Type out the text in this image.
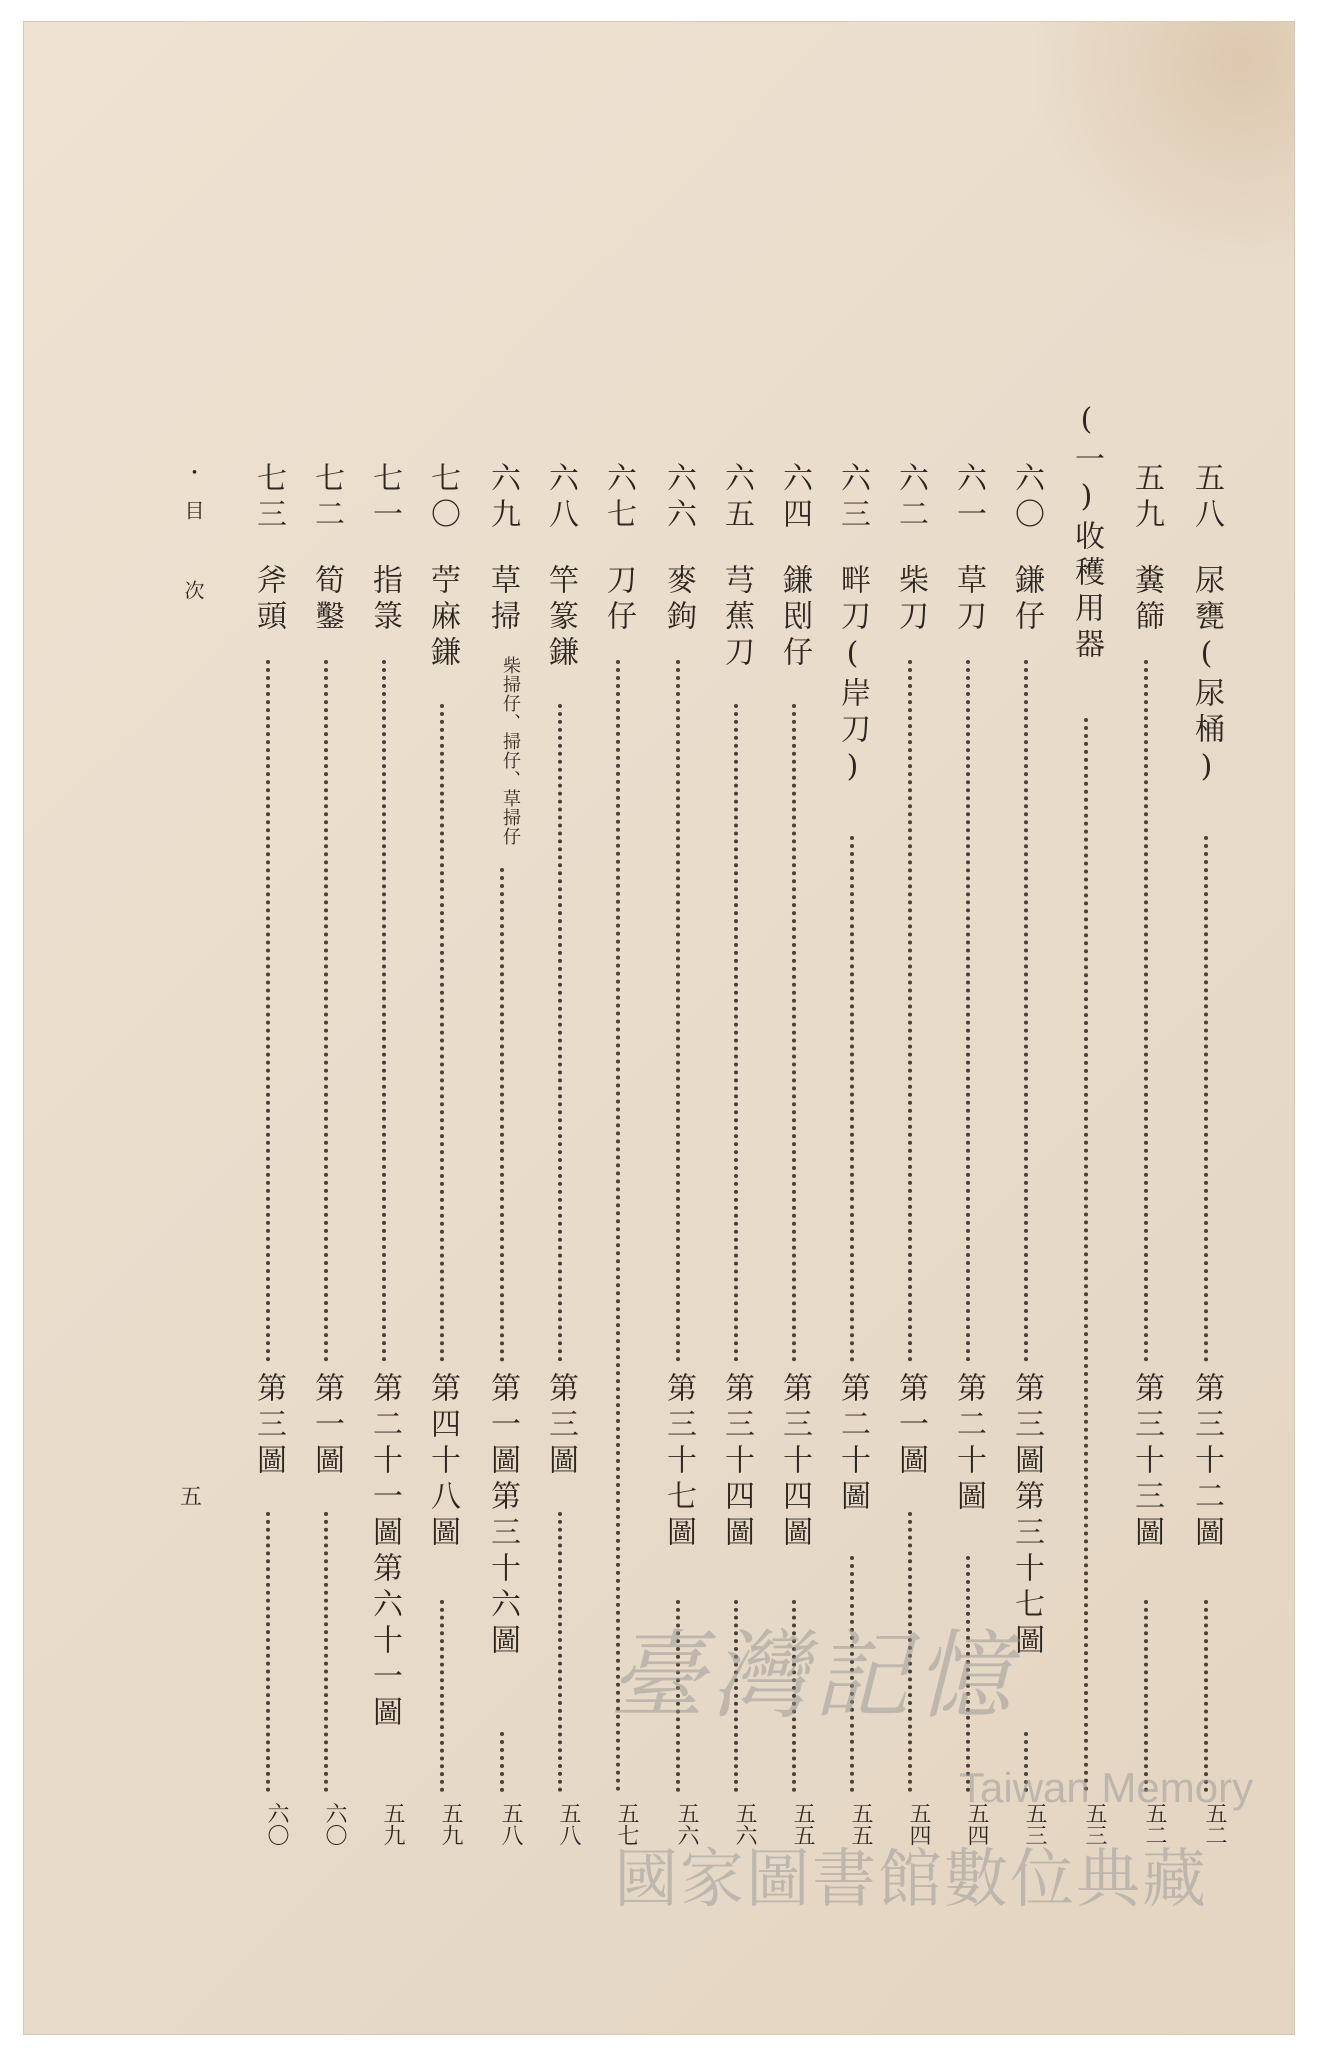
五八
尿甕(尿桶)
第三十二圖
五二
五九
糞篩
第三十三圖
五二
(一)收穫用器
五三
六〇
鎌仔
第三圖第三十七圖
五三
六一
草刀
第二十圖
五四
六二
柴刀
第一圖
五四
六三
畔刀(岸刀)
第二十圖
五五
六四
鎌刡仔
第三十四圖
五五
六五
芎蕉刀
第三十四圖
五六
六六
麥鉤
第三十七圖
五六
六七
刀仔
五七
六八
竿篆鎌
第三圖
五八
六九
草掃
柴掃仔、掃仔、草掃仔
第一圖第三十六圖
五八
七〇
苧麻鎌
第四十八圖
五九
七一
指箓
第二十一圖第六十一圖
五九
七二
筍鑿
第一圖
六〇
七三
斧頭
第三圖
六〇
・
目次
五
臺灣記憶
Taiwan Memory
國家圖書館數位典藏
